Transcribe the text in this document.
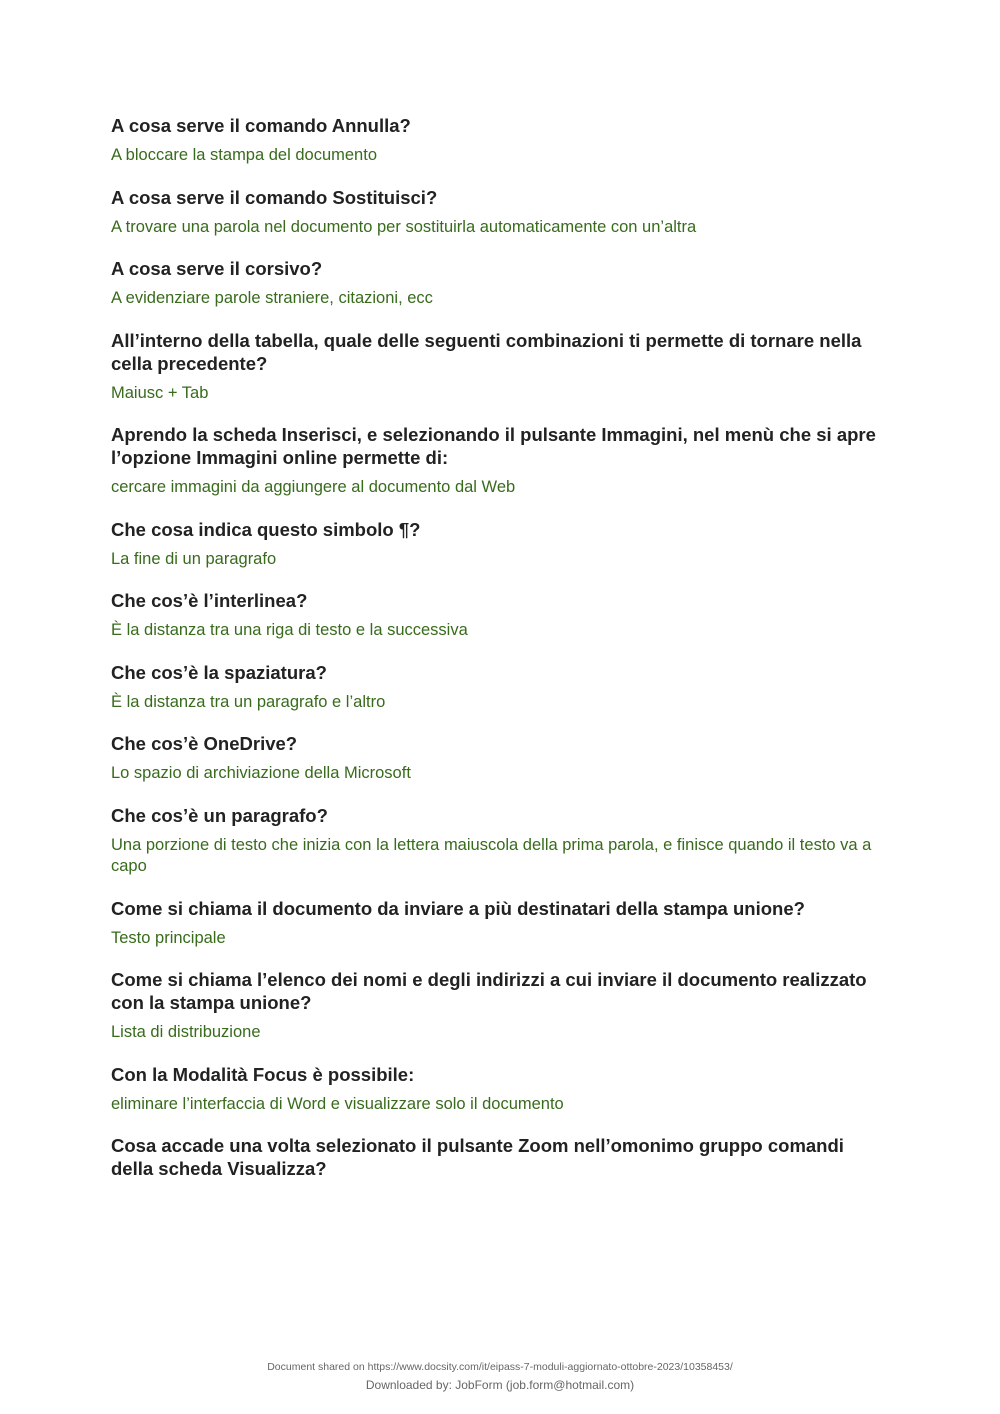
A cosa serve il comando Annulla?

A bloccare la stampa del documento

A cosa serve il comando Sostituisci?

A trovare una parola nel documento per sostituirla automaticamente con un’altra

A cosa serve il corsivo?

A evidenziare parole straniere, citazioni, ecc

All’interno della tabella, quale delle seguenti combinazioni ti permette di tornare nella cella precedente?

Maiusc + Tab

Aprendo la scheda Inserisci, e selezionando il pulsante Immagini, nel menù che si apre l’opzione Immagini online permette di:

cercare immagini da aggiungere al documento dal Web

Che cosa indica questo simbolo ¶?

La fine di un paragrafo

Che cos’è l’interlinea?

È la distanza tra una riga di testo e la successiva

Che cos’è la spaziatura?

È la distanza tra un paragrafo e l’altro

Che cos’è OneDrive?

Lo spazio di archiviazione della Microsoft

Che cos’è un paragrafo?

Una porzione di testo che inizia con la lettera maiuscola della prima parola, e finisce quando il testo va a capo

Come si chiama il documento da inviare a più destinatari della stampa unione?

Testo principale

Come si chiama l’elenco dei nomi e degli indirizzi a cui inviare il documento realizzato con la stampa unione?

Lista di distribuzione

Con la Modalità Focus è possibile:

eliminare l’interfaccia di Word e visualizzare solo il documento

Cosa accade una volta selezionato il pulsante Zoom nell’omonimo gruppo comandi della scheda Visualizza?

Document shared on https://www.docsity.com/it/eipass-7-moduli-aggiornato-ottobre-2023/10358453/
Downloaded by: JobForm (job.form@hotmail.com)
